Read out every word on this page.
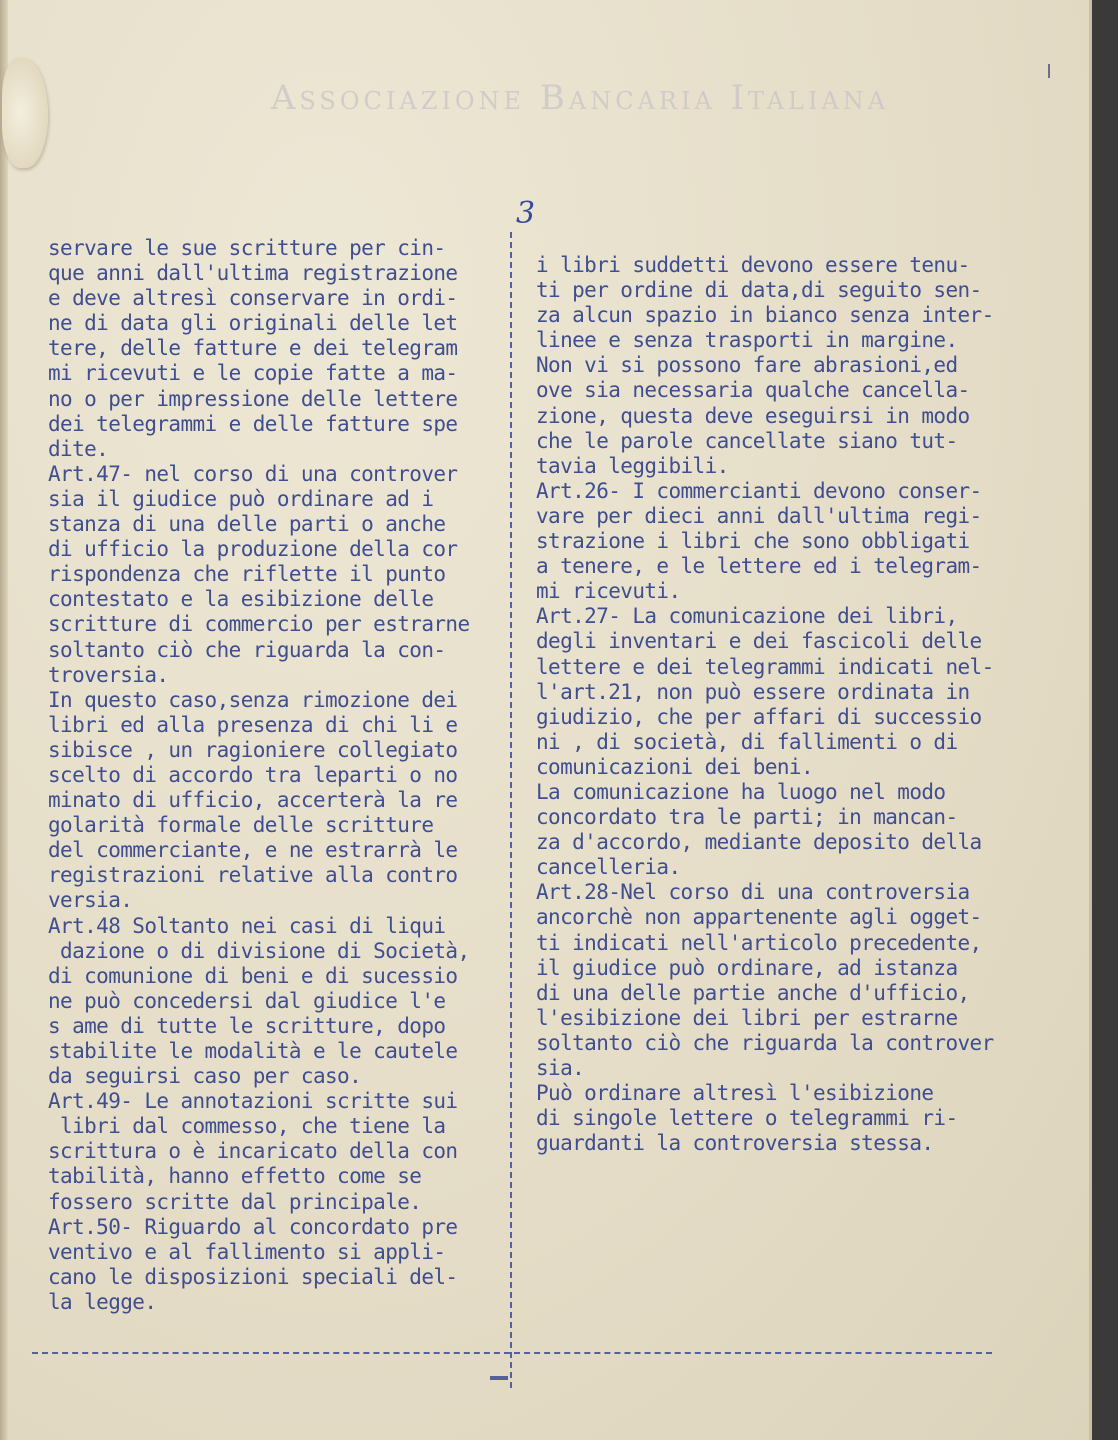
Associazione Bancaria Italiana

3
servare le sue scritture per cin-
que anni dall'ultima registrazione
e deve altresì conservare in ordi-
ne di data gli originali delle let
tere, delle fatture e dei telegram
mi ricevuti e le copie fatte a ma-
no o per impressione delle lettere
dei telegrammi e delle fatture spe
dite.
Art.47- nel corso di una controver
sia il giudice può ordinare ad i
stanza di una delle parti o anche
di ufficio la produzione della cor
rispondenza che riflette il punto
contestato e la esibizione delle
scritture di commercio per estrarne
soltanto ciò che riguarda la con-
troversia.
In questo caso,senza rimozione dei
libri ed alla presenza di chi li e
sibisce , un ragioniere collegiato
scelto di accordo tra leparti o no
minato di ufficio, accerterà la re
golarità formale delle scritture
del commerciante, e ne estrarrà le
registrazioni relative alla contro
versia.
Art.48 Soltanto nei casi di liqui
dazione o di divisione di Società,
di comunione di beni e di sucessio
ne può concedersi dal giudice l'e
s ame di tutte le scritture, dopo
stabilite le modalità e le cautele
da seguirsi caso per caso.
Art.49- Le annotazioni scritte sui
libri dal commesso, che tiene la
scrittura o è incaricato della con
tabilità, hanno effetto come se
fossero scritte dal principale.
Art.50- Riguardo al concordato pre
ventivo e al fallimento si appli-
cano le disposizioni speciali del-
la legge.
i libri suddetti devono essere tenu-
ti per ordine di data,di seguito sen-
za alcun spazio in bianco senza inter-
linee e senza trasporti in margine.
Non vi si possono fare abrasioni,ed
ove sia necessaria qualche cancella-
zione, questa deve eseguirsi in modo
che le parole cancellate siano tut-
tavia leggibili.
Art.26- I commercianti devono conser-
vare per dieci anni dall'ultima regi-
strazione i libri che sono obbligati
a tenere, e le lettere ed i telegram-
mi ricevuti.
Art.27- La comunicazione dei libri,
degli inventari e dei fascicoli delle
lettere e dei telegrammi indicati nel-
l'art.21, non può essere ordinata in
giudizio, che per affari di successio
ni , di società, di fallimenti o di
comunicazioni dei beni.
La comunicazione ha luogo nel modo
concordato tra le parti; in mancan-
za d'accordo, mediante deposito della
cancelleria.
Art.28-Nel corso di una controversia
ancorchè non appartenente agli ogget-
ti indicati nell'articolo precedente,
il giudice può ordinare, ad istanza
di una delle partie anche d'ufficio,
l'esibizione dei libri per estrarne
soltanto ciò che riguarda la controver
sia.
Può ordinare altresì l'esibizione
di singole lettere o telegrammi ri-
guardanti la controversia stessa.
